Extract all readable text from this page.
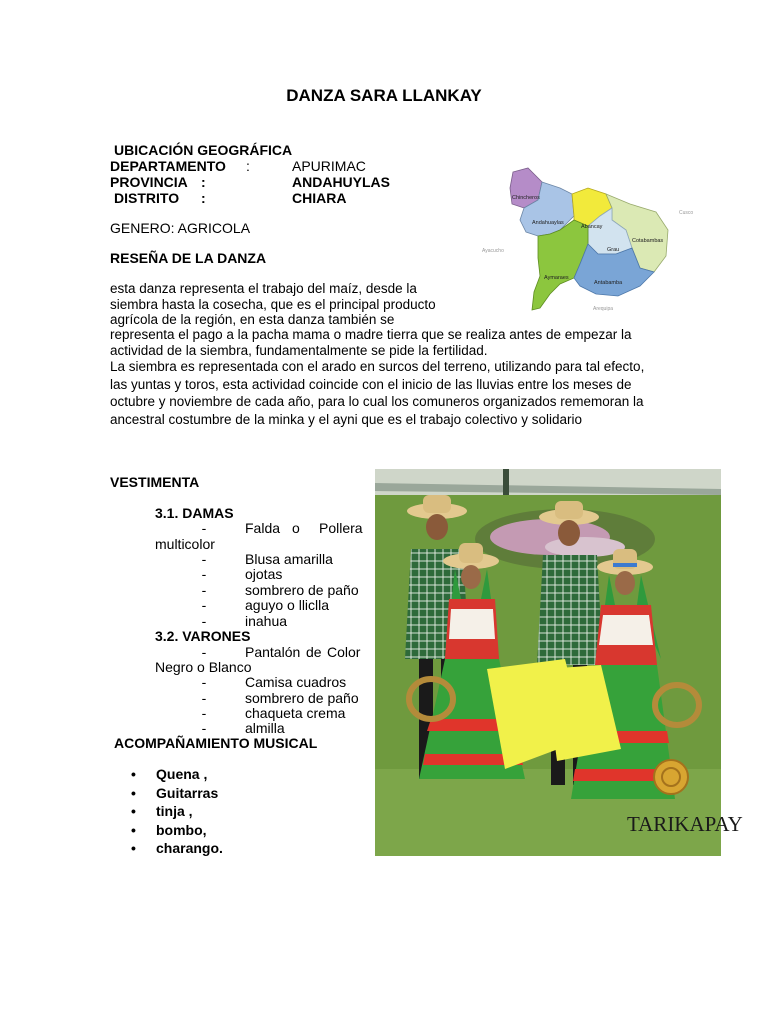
DANZA SARA LLANKAY
UBICACIÓN GEOGRÁFICA
DEPARTAMENTO :	APURIMAC
PROVINCIA :	ANDAHUYLAS
DISTRITO :	CHIARA
GENERO: AGRICOLA
RESEÑA DE LA DANZA
esta danza representa el trabajo del maíz, desde la
siembra hasta la cosecha, que es el principal producto
agrícola de la región, en esta danza también se
representa el pago a la pacha mama o madre tierra que se realiza antes de empezar la
actividad de la siembra, fundamentalmente se pide la fertilidad.
La siembra es representada con el arado en surcos del terreno, utilizando para tal efecto, las yuntas y toros, esta actividad coincide con el inicio de las lluvias entre los meses de octubre y noviembre de cada año, para lo cual los comuneros organizados rememoran la ancestral costumbre de la minka y el ayni que es el trabajo colectivo y solidario
Chincheros
Andahuaylas
Abancay
Cotabambas
Grau
Aymaraes
Antabamba
Cusco
Ayacucho
Arequipa
VESTIMENTA
3.1. DAMAS
-	Falda o Pollera
multicolor
-	Blusa amarilla
-	ojotas
-	sombrero de paño
-	aguyo o lliclla
-	inahua
3.2. VARONES
-	Pantalón de Color
Negro o Blanco
-	Camisa cuadros
-	sombrero de paño
-	chaqueta crema
-	almilla
ACOMPAÑAMIENTO MUSICAL
• Quena ,
• Guitarras
• tinja ,
• bombo,
• charango.
TARIKAPAY
